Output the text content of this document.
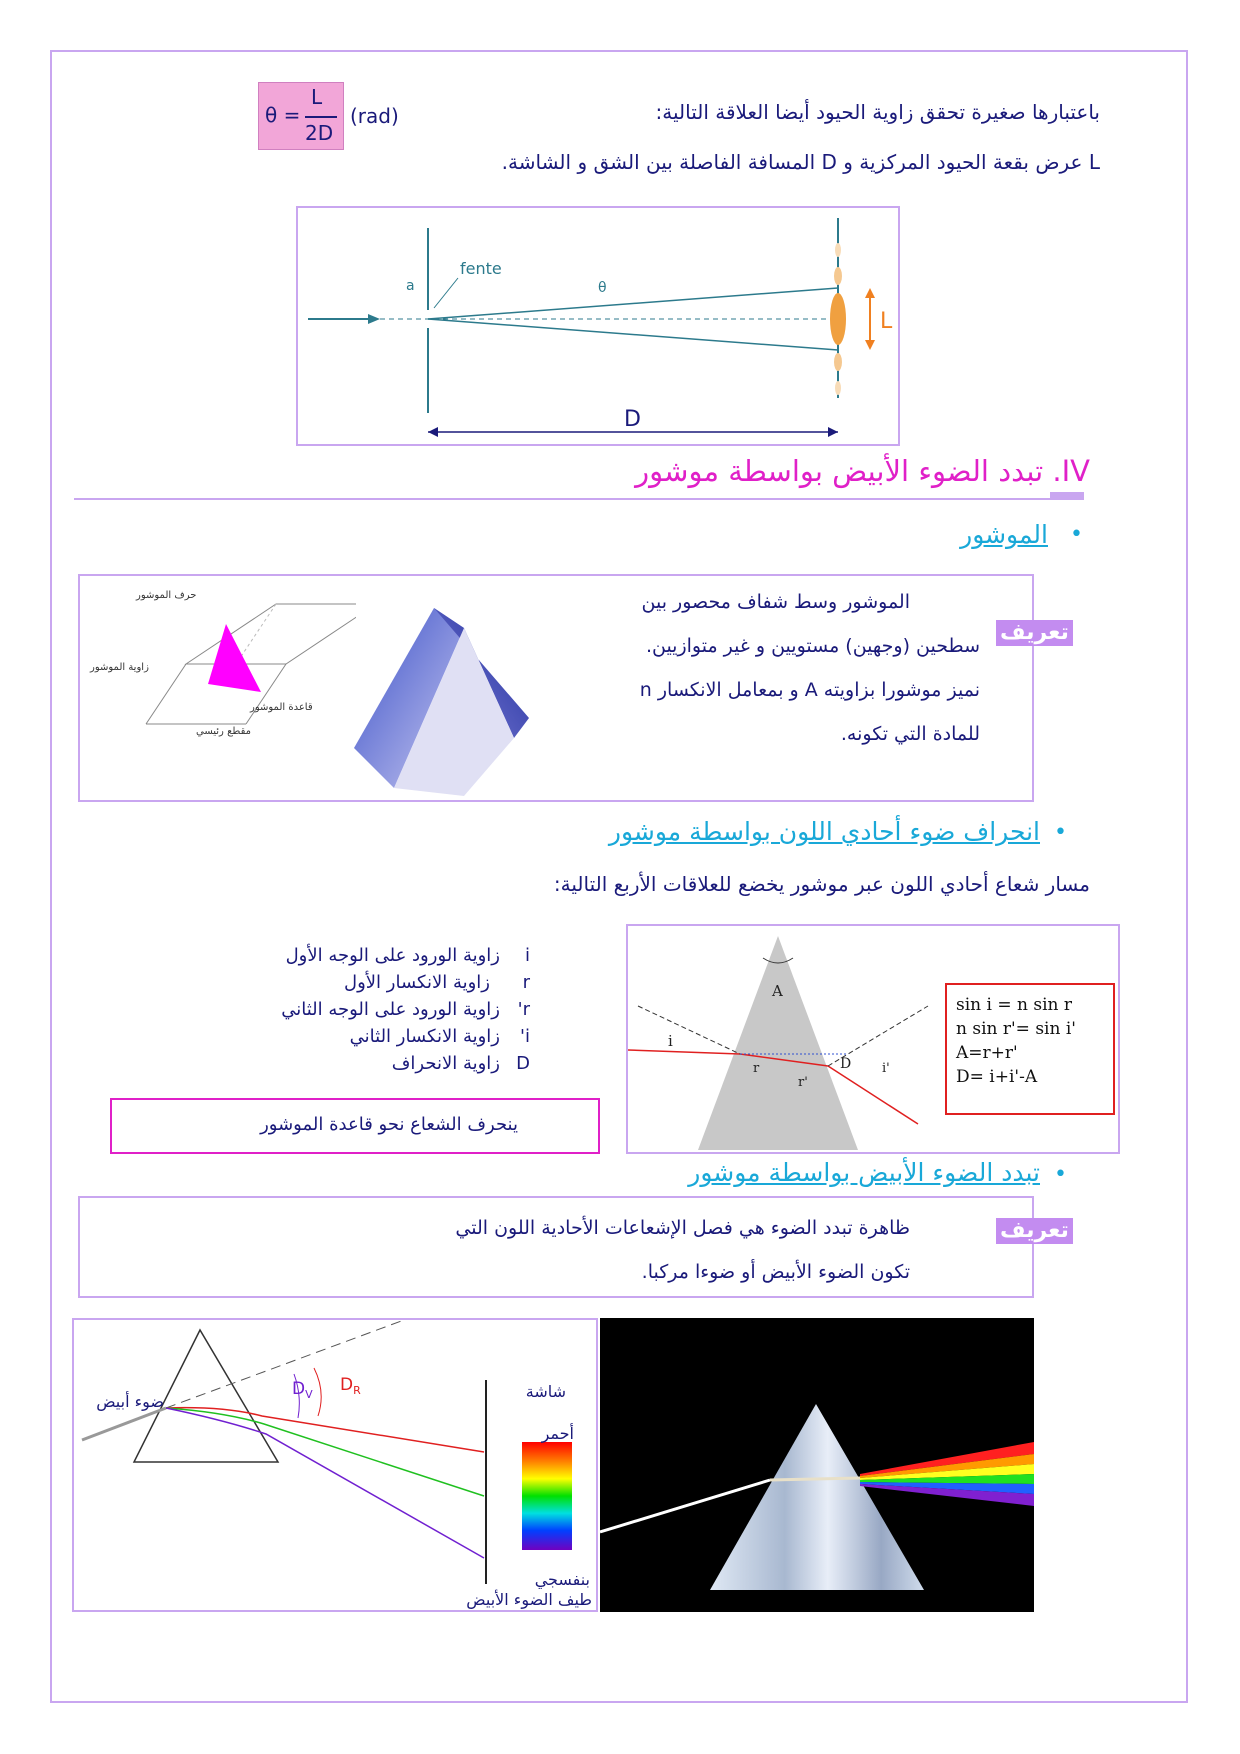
θ =
L
2D
(rad)	باعتبارها صغيرة تحقق زاوية الحيود أيضا العلاقة التالية:
L عرض بقعة الحيود المركزية و D المسافة الفاصلة بين الشق و الشاشة.
L
a
fente
θ
D
IV. تبدد الضوء الأبيض بواسطة موشور
•
الموشور
تعريف
الموشور وسط شفاف محصور بين
سطحين (وجهين) مستويين و غير متوازيين.
نميز موشورا بزاويته A و بمعامل الانكسار n
للمادة التي تكونه.
حرف الموشور
زاوية الموشور
قاعدة الموشور
مقطع رئيسي
•
انحراف ضوء أحادي اللون بواسطة موشور
مسار شعاع أحادي اللون عبر موشور يخضع للعلاقات الأربع التالية:
iزاوية الورود على الوجه الأول
rزاوية الانكسار الأول
r'زاوية الورود على الوجه الثاني
i'زاوية الانكسار الثاني
Dزاوية الانحراف
ينحرف الشعاع نحو قاعدة الموشور
A
i
r
r'
i'
D
sin i = n sin r
n sin r'= sin i'
A=r+r'
D= i+i'-A
•
تبدد الضوء الأبيض بواسطة موشور
تعريف
ظاهرة تبدد الضوء هي فصل الإشعاعات الأحادية اللون التي
تكون الضوء الأبيض أو ضوءا مركبا.
$D_V$ $D_R$
ضوء أبيض
شاشة
أحمر
بنفسجي
طيف الضوء الأبيض
